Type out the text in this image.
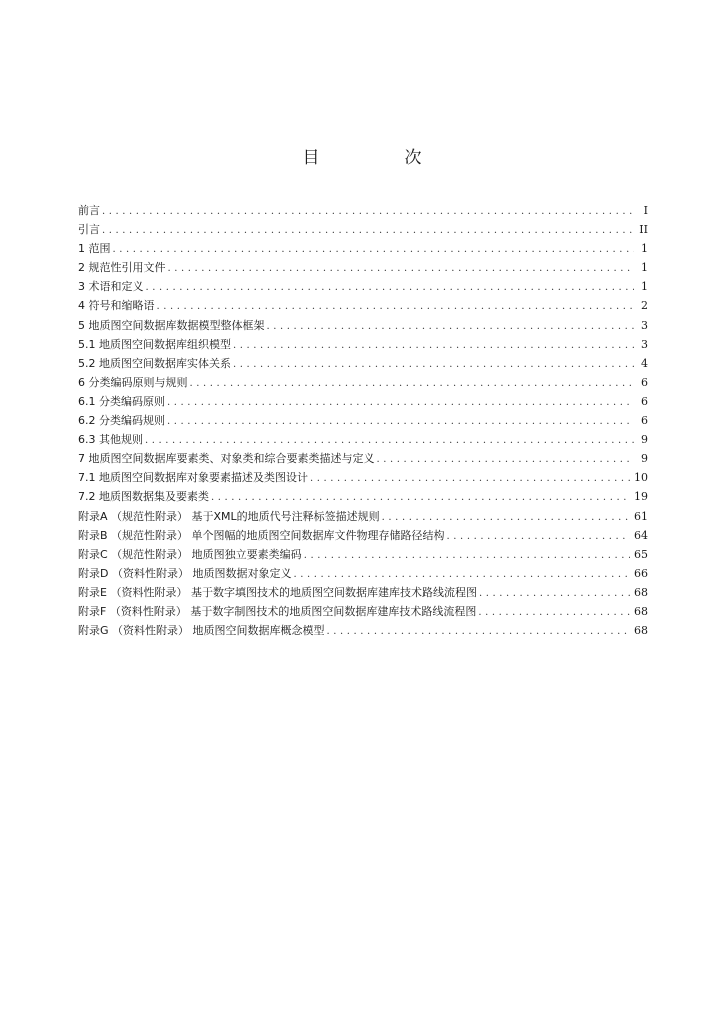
目　次
前言 . . .	I
引言 . . .	II
1 范围 . . .	1
2 规范性引用文件 . . .	1
3 术语和定义 . . .	1
4 符号和缩略语 . . .	2
5 地质图空间数据库数据模型整体框架 . . .	3
5.1 地质图空间数据库组织模型 . . .	3
5.2 地质图空间数据库实体关系 . . .	4
6 分类编码原则与规则 . . .	6
6.1 分类编码原则 . . .	6
6.2 分类编码规则 . . .	6
6.3 其他规则 . . .	9
7 地质图空间数据库要素类、对象类和综合要素类描述与定义 . . .	9
7.1 地质图空间数据库对象要素描述及类图设计 . . .	10
7.2 地质图数据集及要素类 . . .	19
附录A （规范性附录） 基于XML的地质代号注释标签描述规则 . . .	61
附录B （规范性附录） 单个图幅的地质图空间数据库文件物理存储路径结构 . . .	64
附录C （规范性附录） 地质图独立要素类编码 . . .	65
附录D （资料性附录） 地质图数据对象定义 . . .	66
附录E （资料性附录） 基于数字填图技术的地质图空间数据库建库技术路线流程图 . . .	68
附录F （资料性附录） 基于数字制图技术的地质图空间数据库建库技术路线流程图 . . .	68
附录G （资料性附录） 地质图空间数据库概念模型 . . .	68
